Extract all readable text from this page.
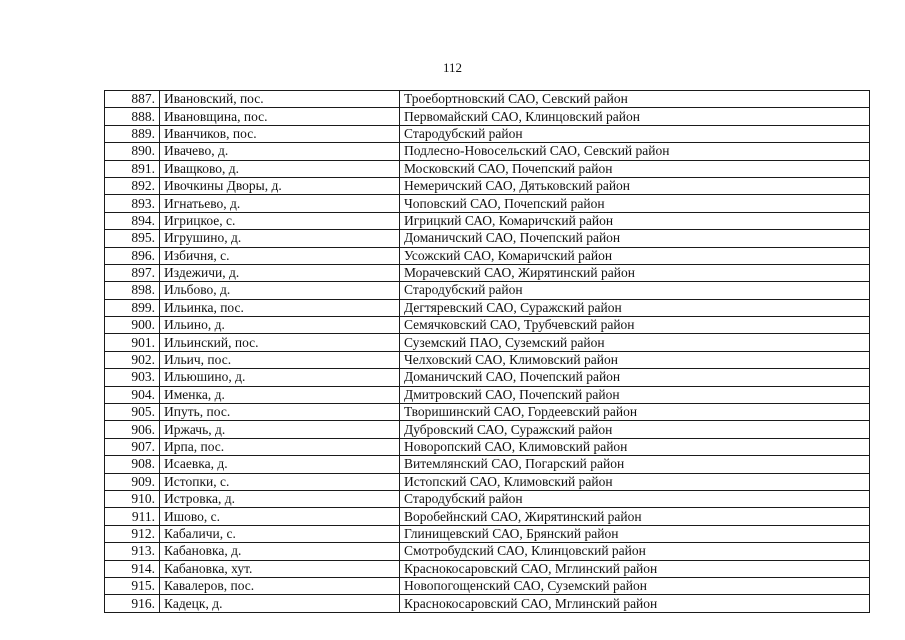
112
887.	Ивановский, пос.	Троебортновский САО, Севский район
888.	Ивановщина, пос.	Первомайский САО, Клинцовский район
889.	Иванчиков, пос.	Стародубский район
890.	Ивачево, д.	Подлесно-Новосельский САО, Севский район
891.	Иващково, д.	Московский САО, Почепский район
892.	Ивочкины Дворы, д.	Немеричский САО, Дятьковский район
893.	Игнатьево, д.	Чоповский САО, Почепский район
894.	Игрицкое, с.	Игрицкий САО, Комаричский район
895.	Игрушино, д.	Доманичский САО, Почепский район
896.	Избичня, с.	Усожский САО, Комаричский район
897.	Издежичи, д.	Морачевский САО, Жирятинский район
898.	Ильбово, д.	Стародубский район
899.	Ильинка, пос.	Дегтяревский САО, Суражский район
900.	Ильино, д.	Семячковский САО, Трубчевский район
901.	Ильинский, пос.	Суземский ПАО, Суземский район
902.	Ильич, пос.	Челховский САО, Климовский район
903.	Ильюшино, д.	Доманичский САО, Почепский район
904.	Именка, д.	Дмитровский САО, Почепский район
905.	Ипуть, пос.	Творишинский САО, Гордеевский район
906.	Иржачь, д.	Дубровский САО, Суражский район
907.	Ирпа, пос.	Новоропский САО, Климовский район
908.	Исаевка, д.	Витемлянский САО, Погарский район
909.	Истопки, с.	Истопский САО, Климовский район
910.	Истровка, д.	Стародубский район
911.	Ишово, с.	Воробейнский САО, Жирятинский район
912.	Кабаличи, с.	Глинищевский САО, Брянский район
913.	Кабановка, д.	Смотробудский САО, Клинцовский район
914.	Кабановка, хут.	Краснокосаровский САО, Мглинский район
915.	Кавалеров, пос.	Новопогощенский САО, Суземский район
916.	Кадецк, д.	Краснокосаровский САО, Мглинский район
